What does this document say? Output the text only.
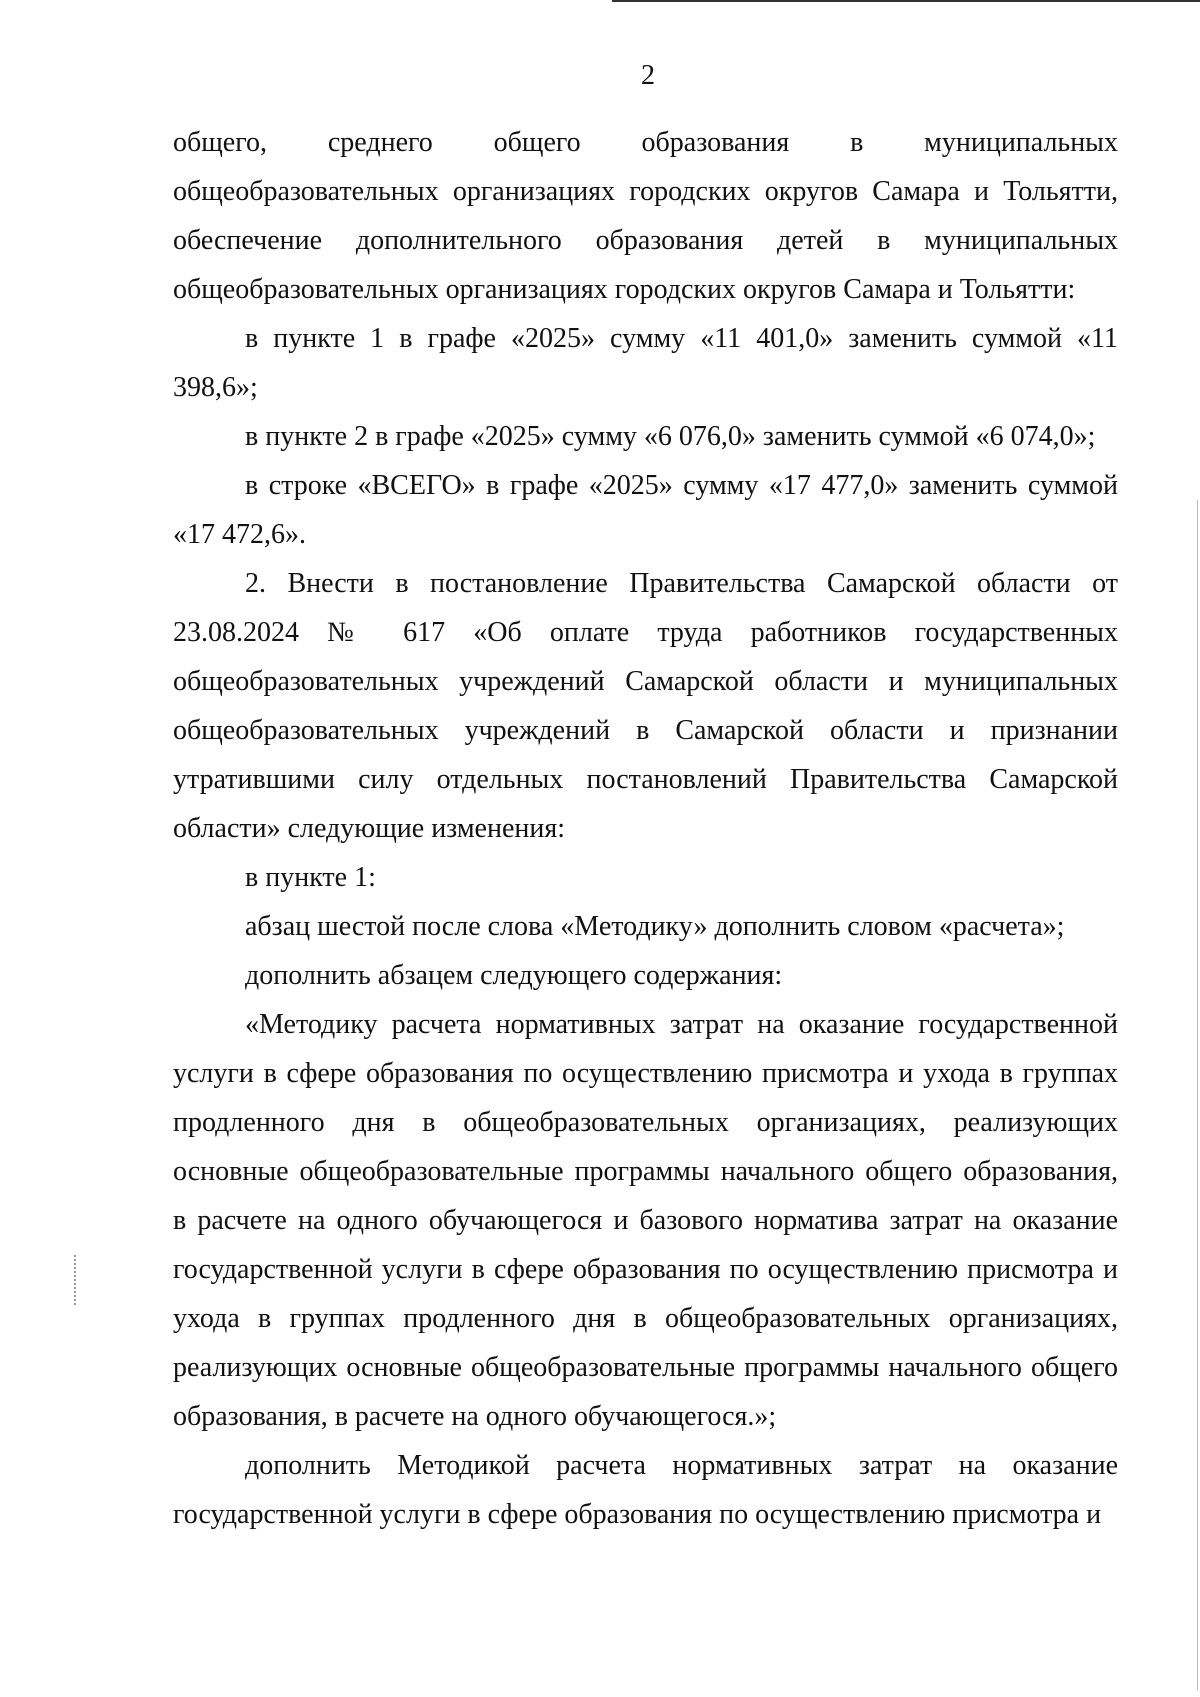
2

общего, среднего общего образования в муниципальных общеобразовательных организациях городских округов Самара и Тольятти, обеспечение дополнительного образования детей в муниципальных общеобразовательных организациях городских округов Самара и Тольятти:

в пункте 1 в графе «2025» сумму «11 401,0» заменить суммой «11 398,6»;

в пункте 2 в графе «2025» сумму «6 076,0» заменить суммой «6 074,0»;

в строке «ВСЕГО» в графе «2025» сумму «17 477,0» заменить суммой «17 472,6».

2. Внести в постановление Правительства Самарской области от 23.08.2024 № 617 «Об оплате труда работников государственных общеобразовательных учреждений Самарской области и муниципальных общеобразовательных учреждений в Самарской области и признании утратившими силу отдельных постановлений Правительства Самарской области» следующие изменения:

в пункте 1:

абзац шестой после слова «Методику» дополнить словом «расчета»;

дополнить абзацем следующего содержания:

«Методику расчета нормативных затрат на оказание государственной услуги в сфере образования по осуществлению присмотра и ухода в группах продленного дня в общеобразовательных организациях, реализующих основные общеобразовательные программы начального общего образования, в расчете на одного обучающегося и базового норматива затрат на оказание государственной услуги в сфере образования по осуществлению присмотра и ухода в группах продленного дня в общеобразовательных организациях, реализующих основные общеобразовательные программы начального общего образования, в расчете на одного обучающегося.»;

дополнить Методикой расчета нормативных затрат на оказание государственной услуги в сфере образования по осуществлению присмотра и
